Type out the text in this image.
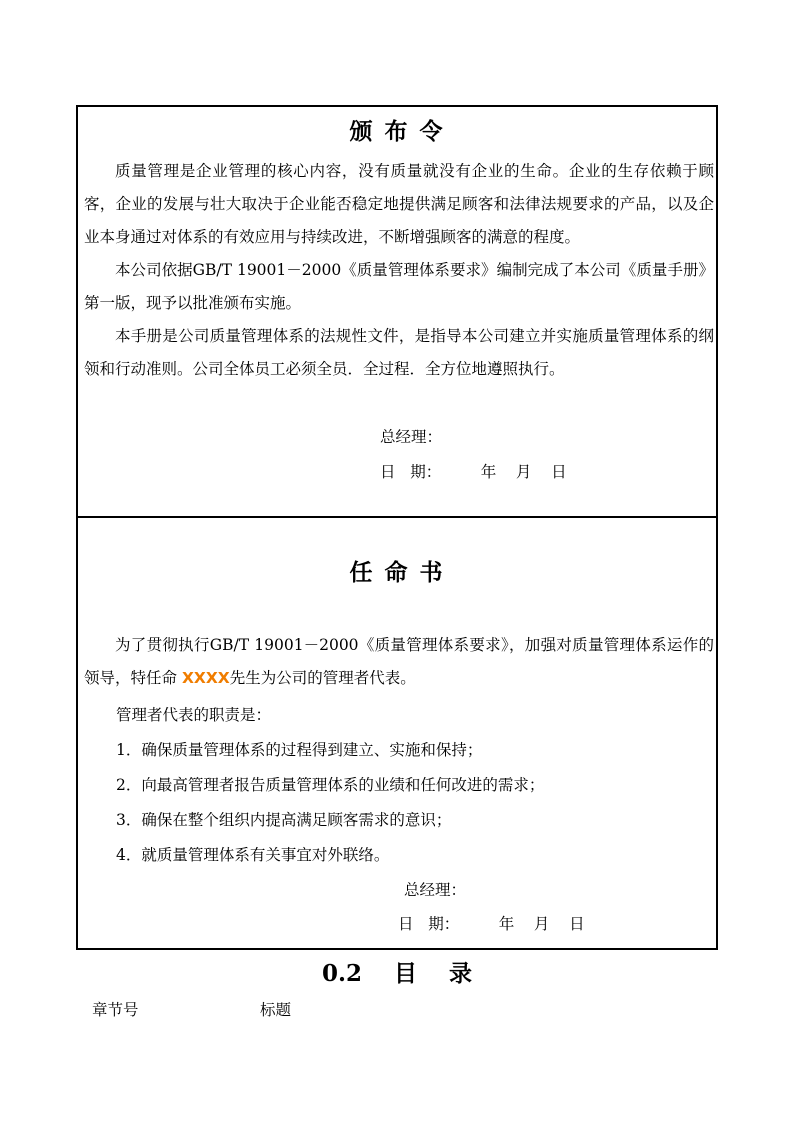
颁 布 令

质量管理是企业管理的核心内容，没有质量就没有企业的生命。企业的生存依赖于顾客，企业的发展与壮大取决于企业能否稳定地提供满足顾客和法律法规要求的产品，以及企业本身通过对体系的有效应用与持续改进，不断增强顾客的满意的程度。

本公司依据GB/T 19001－2000《质量管理体系要求》编制完成了本公司《质量手册》第一版，现予以批准颁布实施。

本手册是公司质量管理体系的法规性文件，是指导本公司建立并实施质量管理体系的纲领和行动准则。公司全体员工必须全员．全过程．全方位地遵照执行。

总经理：
日   期：        年    月    日
任 命 书

为了贯彻执行GB/T 19001－2000《质量管理体系要求》，加强对质量管理体系运作的领导，特任命 XXXX先生为公司的管理者代表。

管理者代表的职责是：
1．确保质量管理体系的过程得到建立、实施和保持；
2．向最高管理者报告质量管理体系的业绩和任何改进的需求；
3．确保在整个组织内提高满足顾客需求的意识；
4．就质量管理体系有关事宜对外联络。
总经理：
日   期：        年    月    日
0.2    目    录
章节号	标题
